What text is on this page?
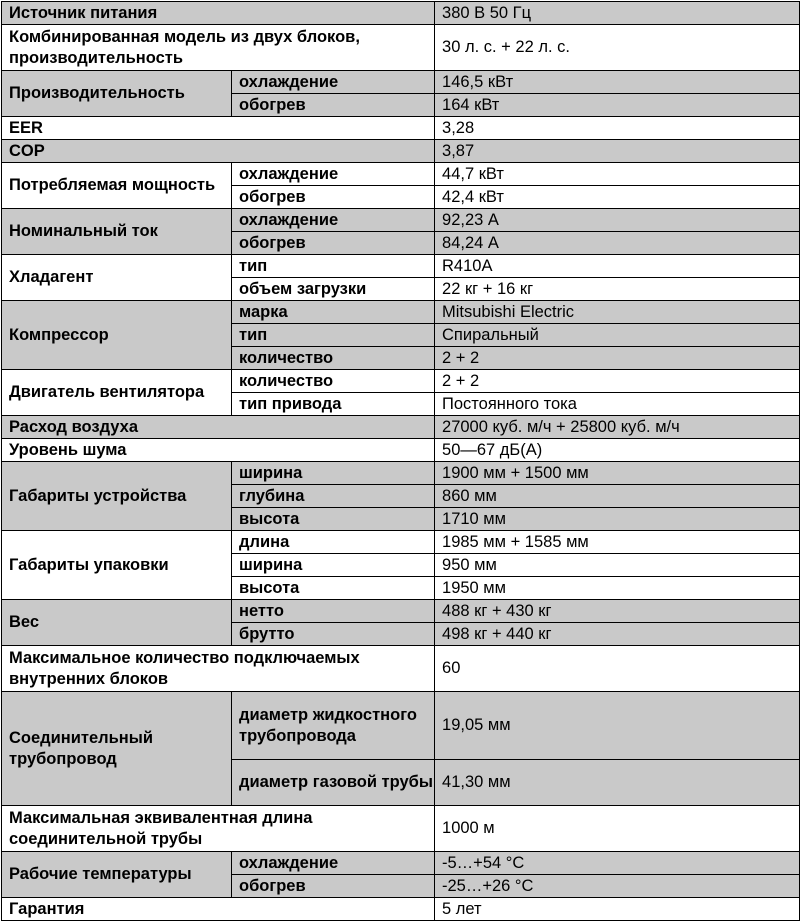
Источник питания		380 В 50 Гц
Комбинированная модель из двух блоков, производительность		30 л. с. + 22 л. с.
Производительность	охлаждение	146,5 кВт
	обогрев	164 кВт
EER		3,28
COP		3,87
Потребляемая мощность	охлаждение	44,7 кВт
	обогрев	42,4 кВт
Номинальный ток	охлаждение	92,23 А
	обогрев	84,24 А
Хладагент	тип	R410A
	объем загрузки	22 кг + 16 кг
Компрессор	марка	Mitsubishi Electric
	тип	Спиральный
	количество	2 + 2
Двигатель вентилятора	количество	2 + 2
	тип привода	Постоянного тока
Расход воздуха		27000 куб. м/ч + 25800 куб. м/ч
Уровень шума		50—67 дБ(А)
Габариты устройства	ширина	1900 мм + 1500 мм
	глубина	860 мм
	высота	1710 мм
Габариты упаковки	длина	1985 мм + 1585 мм
	ширина	950 мм
	высота	1950 мм
Вес	нетто	488 кг + 430 кг
	брутто	498 кг + 440 кг
Максимальное количество подключаемых внутренних блоков		60
Соединительный трубопровод	диаметр жидкостного трубопровода	19,05 мм
	диаметр газовой трубы	41,30 мм
Максимальная эквивалентная длина соединительной трубы		1000 м
Рабочие температуры	охлаждение	-5…+54 °С
	обогрев	-25…+26 °С
Гарантия		5 лет
